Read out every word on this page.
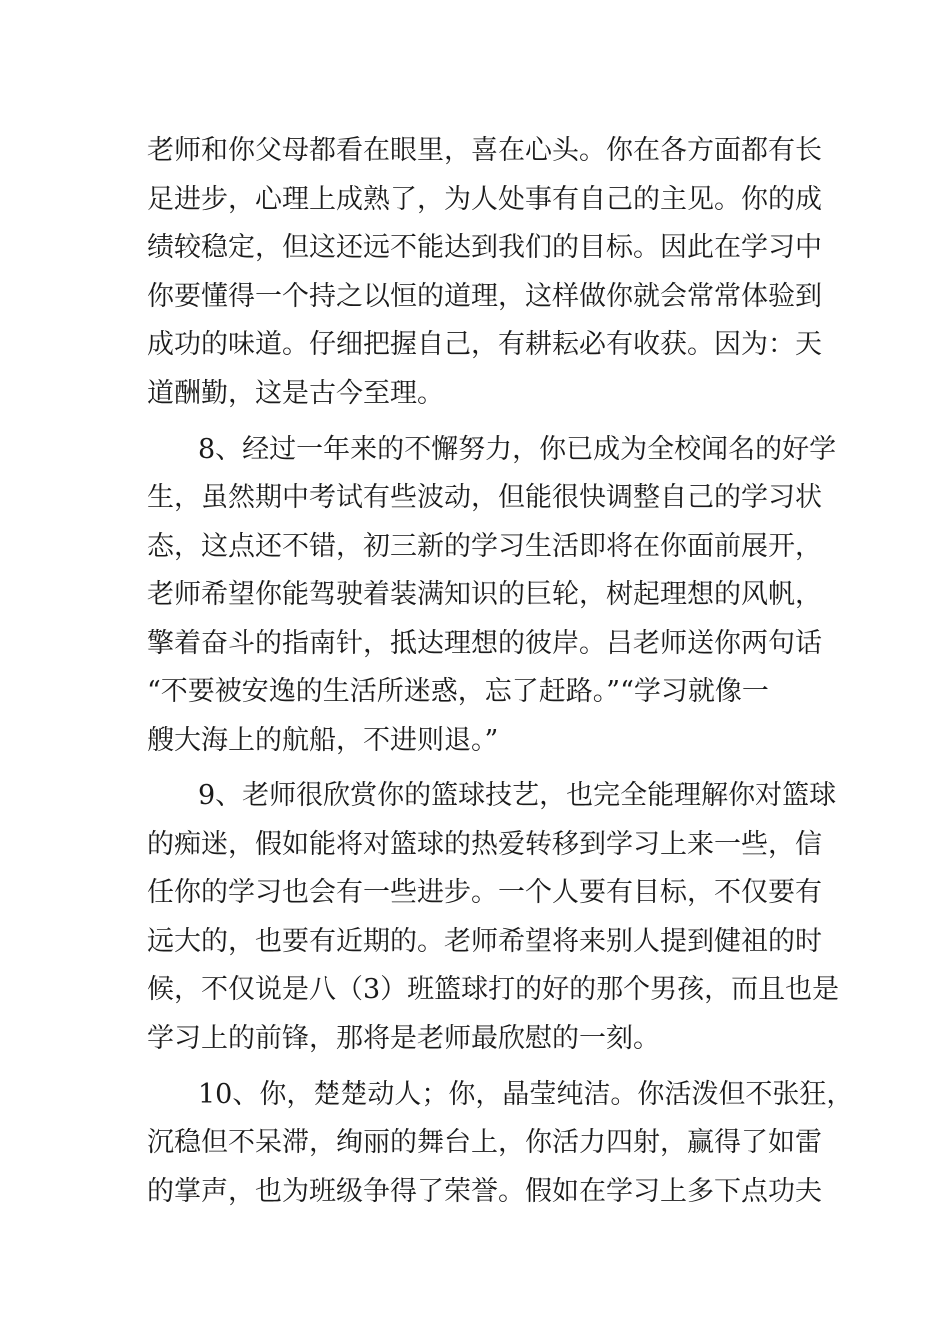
老师和你父母都看在眼里，喜在心头。你在各方面都有长
足进步，心理上成熟了，为人处事有自己的主见。你的成
绩较稳定，但这还远不能达到我们的目标。因此在学习中
你要懂得一个持之以恒的道理，这样做你就会常常体验到
成功的味道。仔细把握自己，有耕耘必有收获。因为：天
道酬勤，这是古今至理。
8、经过一年来的不懈努力，你已成为全校闻名的好学
生，虽然期中考试有些波动，但能很快调整自己的学习状
态，这点还不错，初三新的学习生活即将在你面前展开，
老师希望你能驾驶着装满知识的巨轮，树起理想的风帆，
擎着奋斗的指南针，抵达理想的彼岸。吕老师送你两句话
“不要被安逸的生活所迷惑，忘了赶路。”“学习就像一
艘大海上的航船，不进则退。”
9、老师很欣赏你的篮球技艺，也完全能理解你对篮球
的痴迷，假如能将对篮球的热爱转移到学习上来一些，信
任你的学习也会有一些进步。一个人要有目标，不仅要有
远大的，也要有近期的。老师希望将来别人提到健祖的时
候，不仅说是八（3）班篮球打的好的那个男孩，而且也是
学习上的前锋，那将是老师最欣慰的一刻。
10、你，楚楚动人；你，晶莹纯洁。你活泼但不张狂，
沉稳但不呆滞，绚丽的舞台上，你活力四射，赢得了如雷
的掌声，也为班级争得了荣誉。假如在学习上多下点功夫
